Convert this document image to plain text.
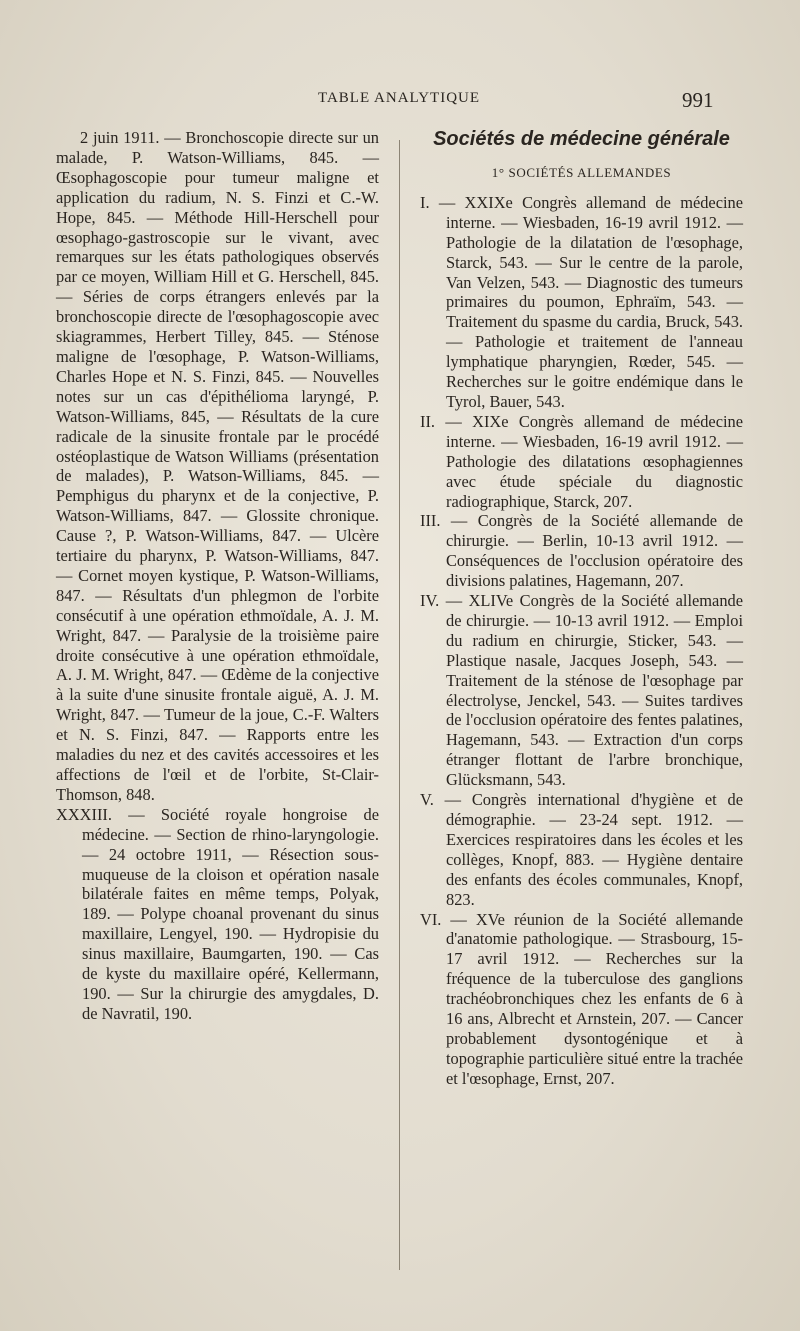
TABLE ANALYTIQUE	991

2 juin 1911. — Bronchoscopie directe sur un malade, P. Watson-Williams, 845. — Œsophagoscopie pour tumeur maligne et application du radium, N. S. Finzi et C.-W. Hope, 845. — Méthode Hill-Herschell pour œsophago-gastroscopie sur le vivant, avec remarques sur les états pathologiques observés par ce moyen, William Hill et G. Herschell, 845. — Séries de corps étrangers enlevés par la bronchoscopie directe de l'œsophagoscopie avec skiagrammes, Herbert Tilley, 845. — Sténose maligne de l'œsophage, P. Watson-Williams, Charles Hope et N. S. Finzi, 845. — Nouvelles notes sur un cas d'épithélioma laryngé, P. Watson-Williams, 845, — Résultats de la cure radicale de la sinusite frontale par le procédé ostéoplastique de Watson Williams (présentation de malades), P. Watson-Williams, 845. — Pemphigus du pharynx et de la conjective, P. Watson-Williams, 847. — Glossite chronique. Cause ?, P. Watson-Williams, 847. — Ulcère tertiaire du pharynx, P. Watson-Williams, 847. — Cornet moyen kystique, P. Watson-Williams, 847. — Résultats d'un phlegmon de l'orbite consécutif à une opération ethmoïdale, A. J. M. Wright, 847. — Paralysie de la troisième paire droite consécutive à une opération ethmoïdale, A. J. M. Wright, 847. — Œdème de la conjective à la suite d'une sinusite frontale aiguë, A. J. M. Wright, 847. — Tumeur de la joue, C.-F. Walters et N. S. Finzi, 847. — Rapports entre les maladies du nez et des cavités accessoires et les affections de l'œil et de l'orbite, St-Clair-Thomson, 848.

XXXIII. — Société royale hongroise de médecine. — Section de rhino-laryngologie. — 24 octobre 1911, — Résection sous-muqueuse de la cloison et opération nasale bilatérale faites en même temps, Polyak, 189. — Polype choanal provenant du sinus maxillaire, Lengyel, 190. — Hydropisie du sinus maxillaire, Baumgarten, 190. — Cas de kyste du maxillaire opéré, Kellermann, 190. — Sur la chirurgie des amygdales, D. de Navratil, 190.

Sociétés de médecine générale

1° SOCIÉTÉS ALLEMANDES

I. — XXIXe Congrès allemand de médecine interne. — Wiesbaden, 16-19 avril 1912. — Pathologie de la dilatation de l'œsophage, Starck, 543. — Sur le centre de la parole, Van Velzen, 543. — Diagnostic des tumeurs primaires du poumon, Ephraïm, 543. — Traitement du spasme du cardia, Bruck, 543. — Pathologie et traitement de l'anneau lymphatique pharyngien, Rœder, 545. — Recherches sur le goitre endémique dans le Tyrol, Bauer, 543.

II. — XIXe Congrès allemand de médecine interne. — Wiesbaden, 16-19 avril 1912. — Pathologie des dilatations œsophagiennes avec étude spéciale du diagnostic radiographique, Starck, 207.

III. — Congrès de la Société allemande de chirurgie. — Berlin, 10-13 avril 1912. — Conséquences de l'occlusion opératoire des divisions palatines, Hagemann, 207.

IV. — XLIVe Congrès de la Société allemande de chirurgie. — 10-13 avril 1912. — Emploi du radium en chirurgie, Sticker, 543. — Plastique nasale, Jacques Joseph, 543. — Traitement de la sténose de l'œsophage par électrolyse, Jenckel, 543. — Suites tardives de l'occlusion opératoire des fentes palatines, Hagemann, 543. — Extraction d'un corps étranger flottant de l'arbre bronchique, Glücksmann, 543.

V. — Congrès international d'hygiène et de démographie. — 23-24 sept. 1912. — Exercices respiratoires dans les écoles et les collèges, Knopf, 883. — Hygiène dentaire des enfants des écoles communales, Knopf, 823.

VI. — XVe réunion de la Société allemande d'anatomie pathologique. — Strasbourg, 15-17 avril 1912. — Recherches sur la fréquence de la tuberculose des ganglions trachéobronchiques chez les enfants de 6 à 16 ans, Albrecht et Arnstein, 207. — Cancer probablement dysontogénique et à topographie particulière situé entre la trachée et l'œsophage, Ernst, 207.
